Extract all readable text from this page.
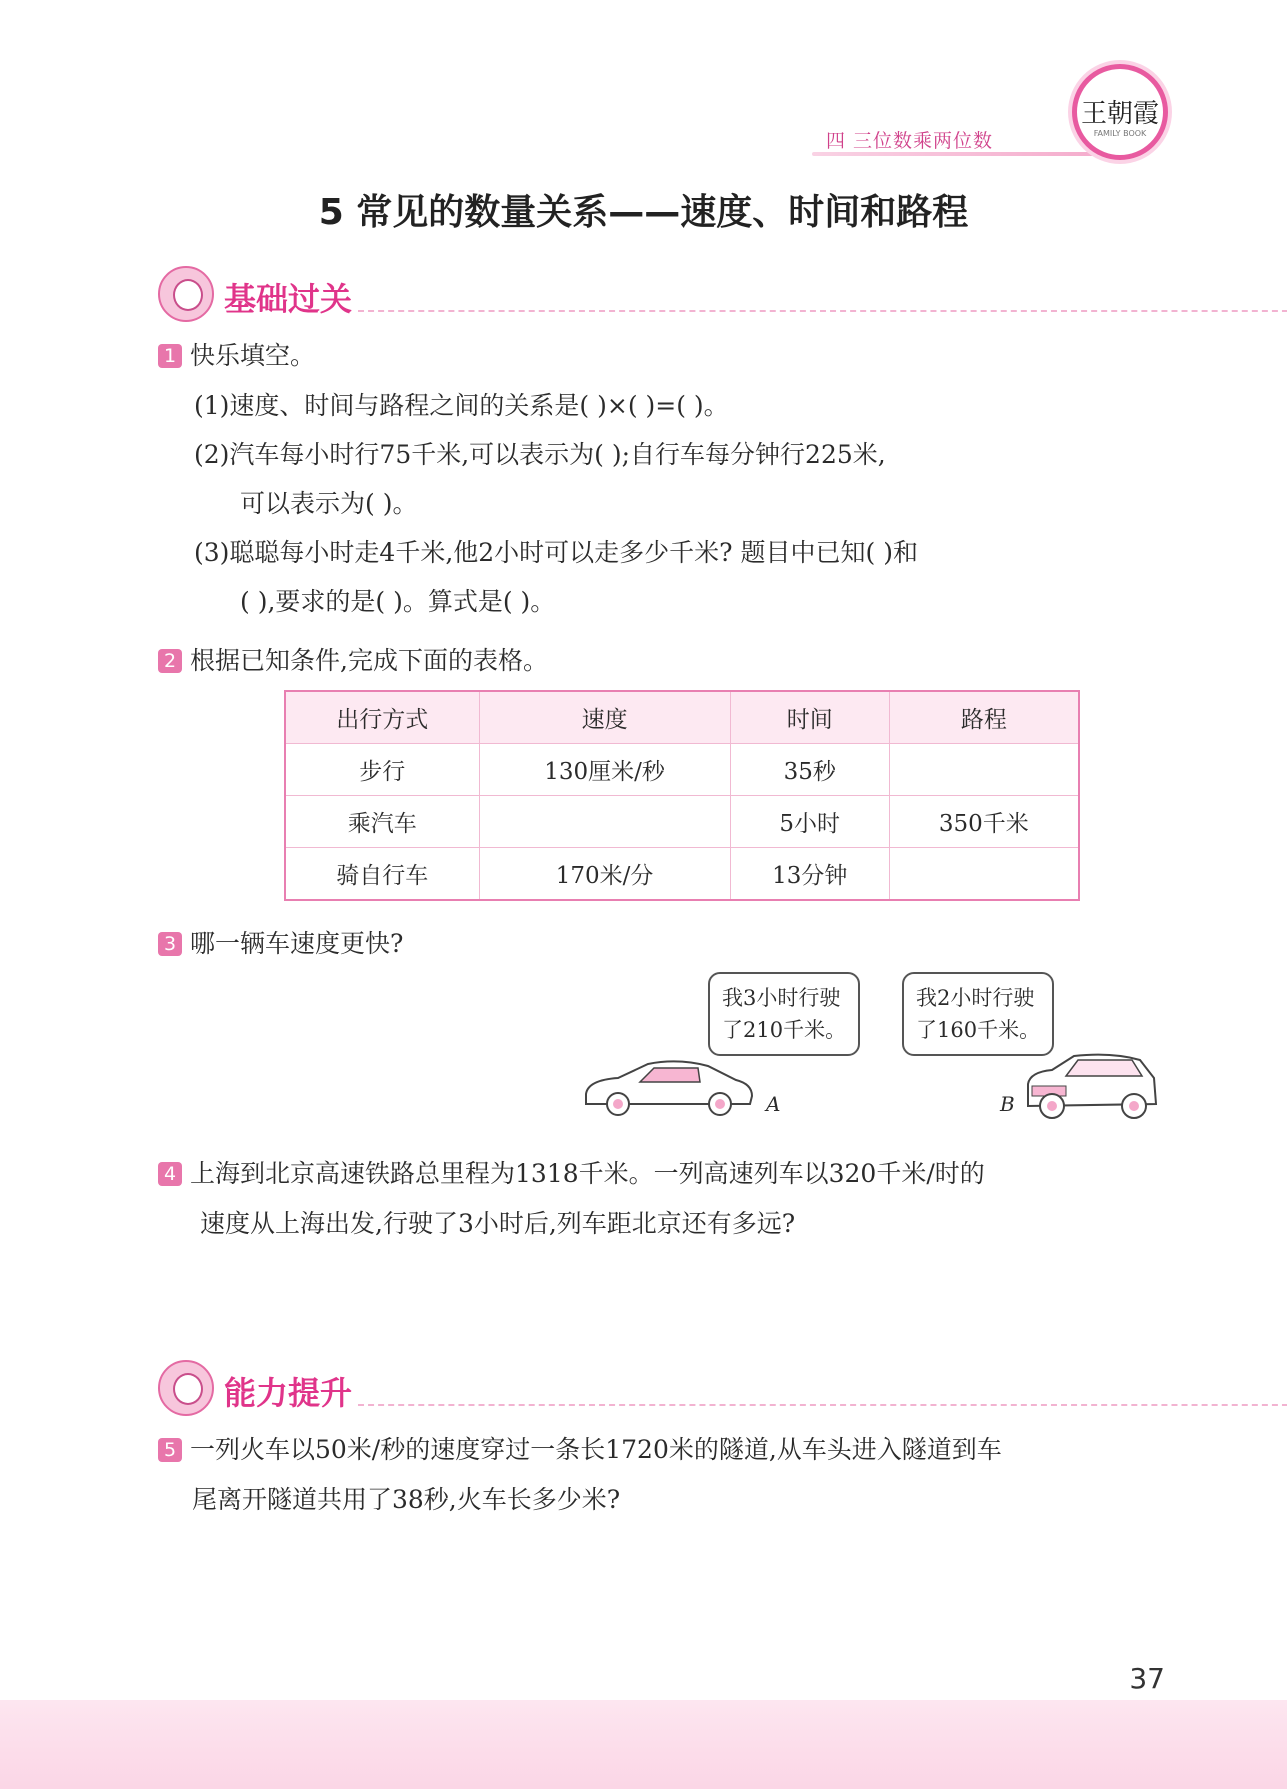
四 三位数乘两位数
王朝霞
FAMILY BOOK
5 常见的数量关系——速度、时间和路程
基础过关
1 快乐填空。
(1)速度、时间与路程之间的关系是( )×( )=( )。
(2)汽车每小时行75千米,可以表示为( );自行车每分钟行225米,
可以表示为( )。
(3)聪聪每小时走4千米,他2小时可以走多少千米? 题目中已知( )和
( ),要求的是( )。算式是( )。
2 根据已知条件,完成下面的表格。
出行方式	速度	时间	路程
步行	130厘米/秒	35秒	
乘汽车		5小时	350千米
骑自行车	170米/分	13分钟	
3 哪一辆车速度更快?
我3小时行驶
了210千米。
我2小时行驶
了160千米。
A	B
4 上海到北京高速铁路总里程为1318千米。一列高速列车以320千米/时的
速度从上海出发,行驶了3小时后,列车距北京还有多远?
能力提升
5 一列火车以50米/秒的速度穿过一条长1720米的隧道,从车头进入隧道到车
尾离开隧道共用了38秒,火车长多少米?
37
